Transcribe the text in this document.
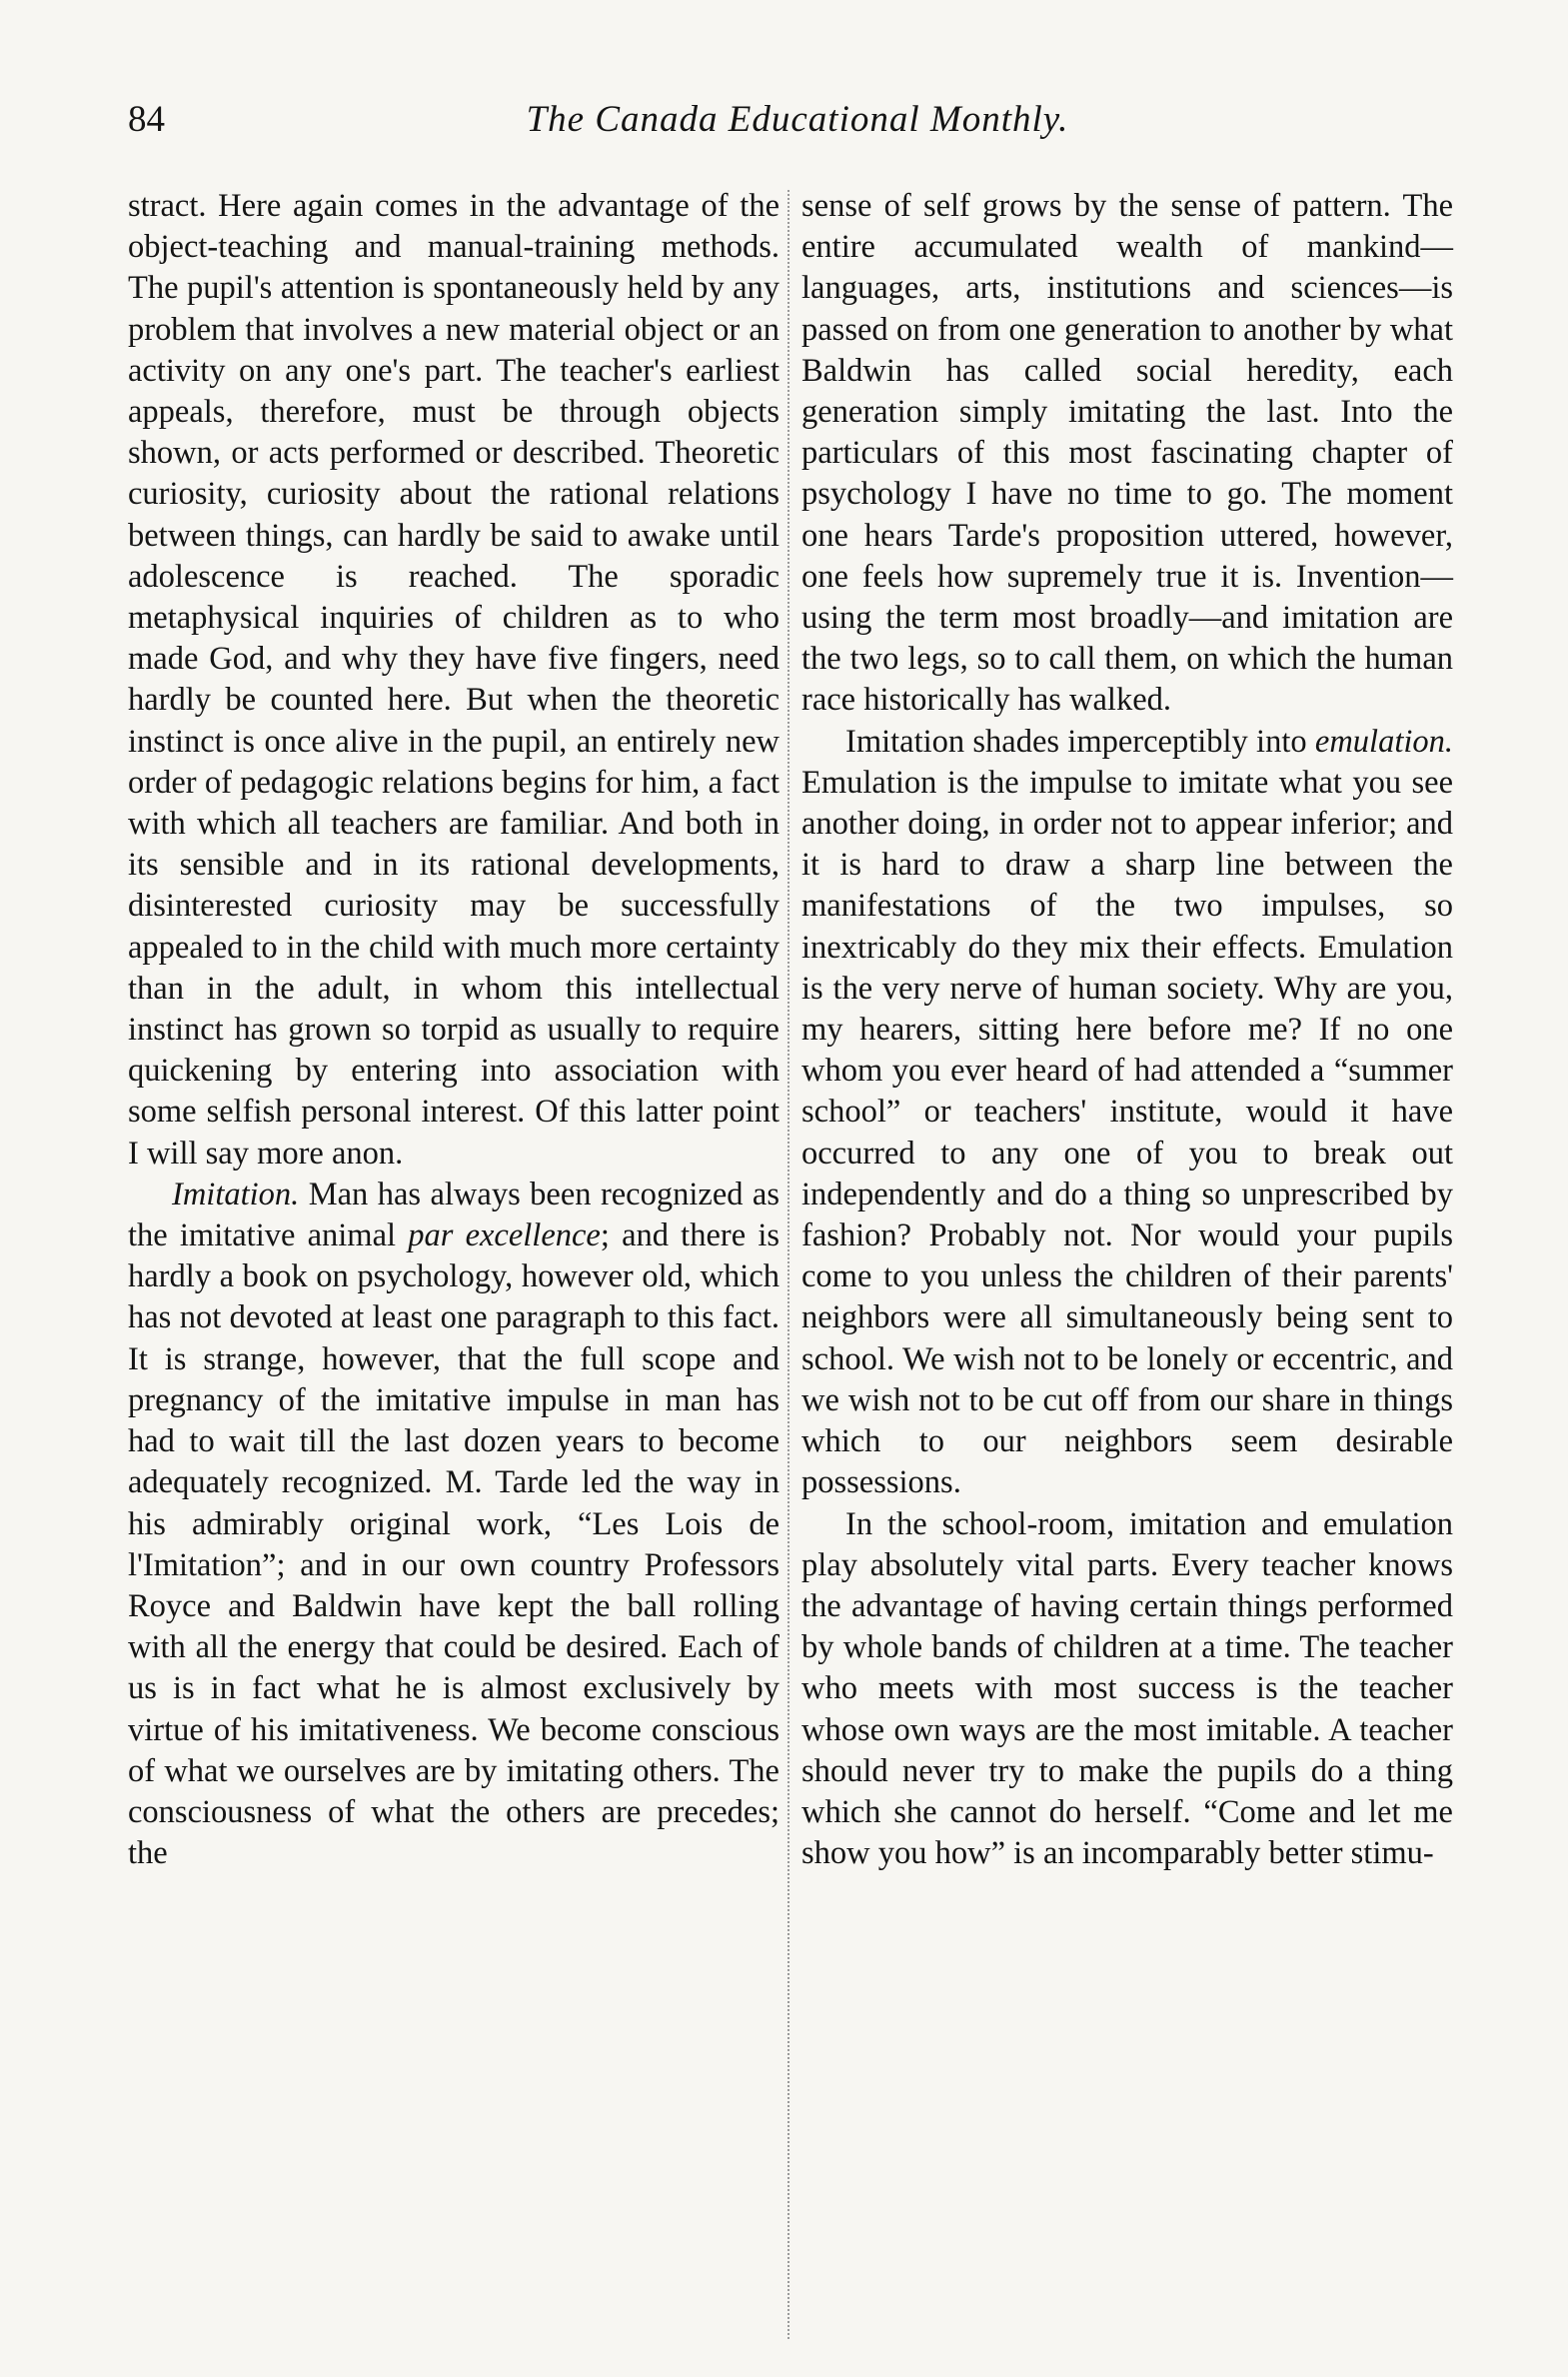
84	The Canada Educational Monthly.

stract. Here again comes in the advantage of the object-teaching and manual-training methods. The pupil's attention is spontaneously held by any problem that involves a new material object or an activity on any one's part. The teacher's earliest appeals, therefore, must be through objects shown, or acts performed or described. Theoretic curiosity, curiosity about the rational relations between things, can hardly be said to awake until adolescence is reached. The sporadic metaphysical inquiries of children as to who made God, and why they have five fingers, need hardly be counted here. But when the theoretic instinct is once alive in the pupil, an entirely new order of pedagogic relations begins for him, a fact with which all teachers are familiar. And both in its sensible and in its rational developments, disinterested curiosity may be successfully appealed to in the child with much more certainty than in the adult, in whom this intellectual instinct has grown so torpid as usually to require quickening by entering into association with some selfish personal interest. Of this latter point I will say more anon.

Imitation. Man has always been recognized as the imitative animal par excellence; and there is hardly a book on psychology, however old, which has not devoted at least one paragraph to this fact. It is strange, however, that the full scope and pregnancy of the imitative impulse in man has had to wait till the last dozen years to become adequately recognized. M. Tarde led the way in his admirably original work, “Les Lois de l'Imitation”; and in our own country Professors Royce and Baldwin have kept the ball rolling with all the energy that could be desired. Each of us is in fact what he is almost exclusively by virtue of his imitativeness. We become conscious of what we ourselves are by imitating others. The consciousness of what the others are precedes; the

sense of self grows by the sense of pattern. The entire accumulated wealth of mankind—languages, arts, institutions and sciences—is passed on from one generation to another by what Baldwin has called social heredity, each generation simply imitating the last. Into the particulars of this most fascinating chapter of psychology I have no time to go. The moment one hears Tarde's proposition uttered, however, one feels how supremely true it is. Invention—using the term most broadly—and imitation are the two legs, so to call them, on which the human race historically has walked.

Imitation shades imperceptibly into emulation. Emulation is the impulse to imitate what you see another doing, in order not to appear inferior; and it is hard to draw a sharp line between the manifestations of the two impulses, so inextricably do they mix their effects. Emulation is the very nerve of human society. Why are you, my hearers, sitting here before me? If no one whom you ever heard of had attended a “summer school” or teachers' institute, would it have occurred to any one of you to break out independently and do a thing so unprescribed by fashion? Probably not. Nor would your pupils come to you unless the children of their parents' neighbors were all simultaneously being sent to school. We wish not to be lonely or eccentric, and we wish not to be cut off from our share in things which to our neighbors seem desirable possessions.

In the school-room, imitation and emulation play absolutely vital parts. Every teacher knows the advantage of having certain things performed by whole bands of children at a time. The teacher who meets with most success is the teacher whose own ways are the most imitable. A teacher should never try to make the pupils do a thing which she cannot do herself. “Come and let me show you how” is an incomparably better stimu-
